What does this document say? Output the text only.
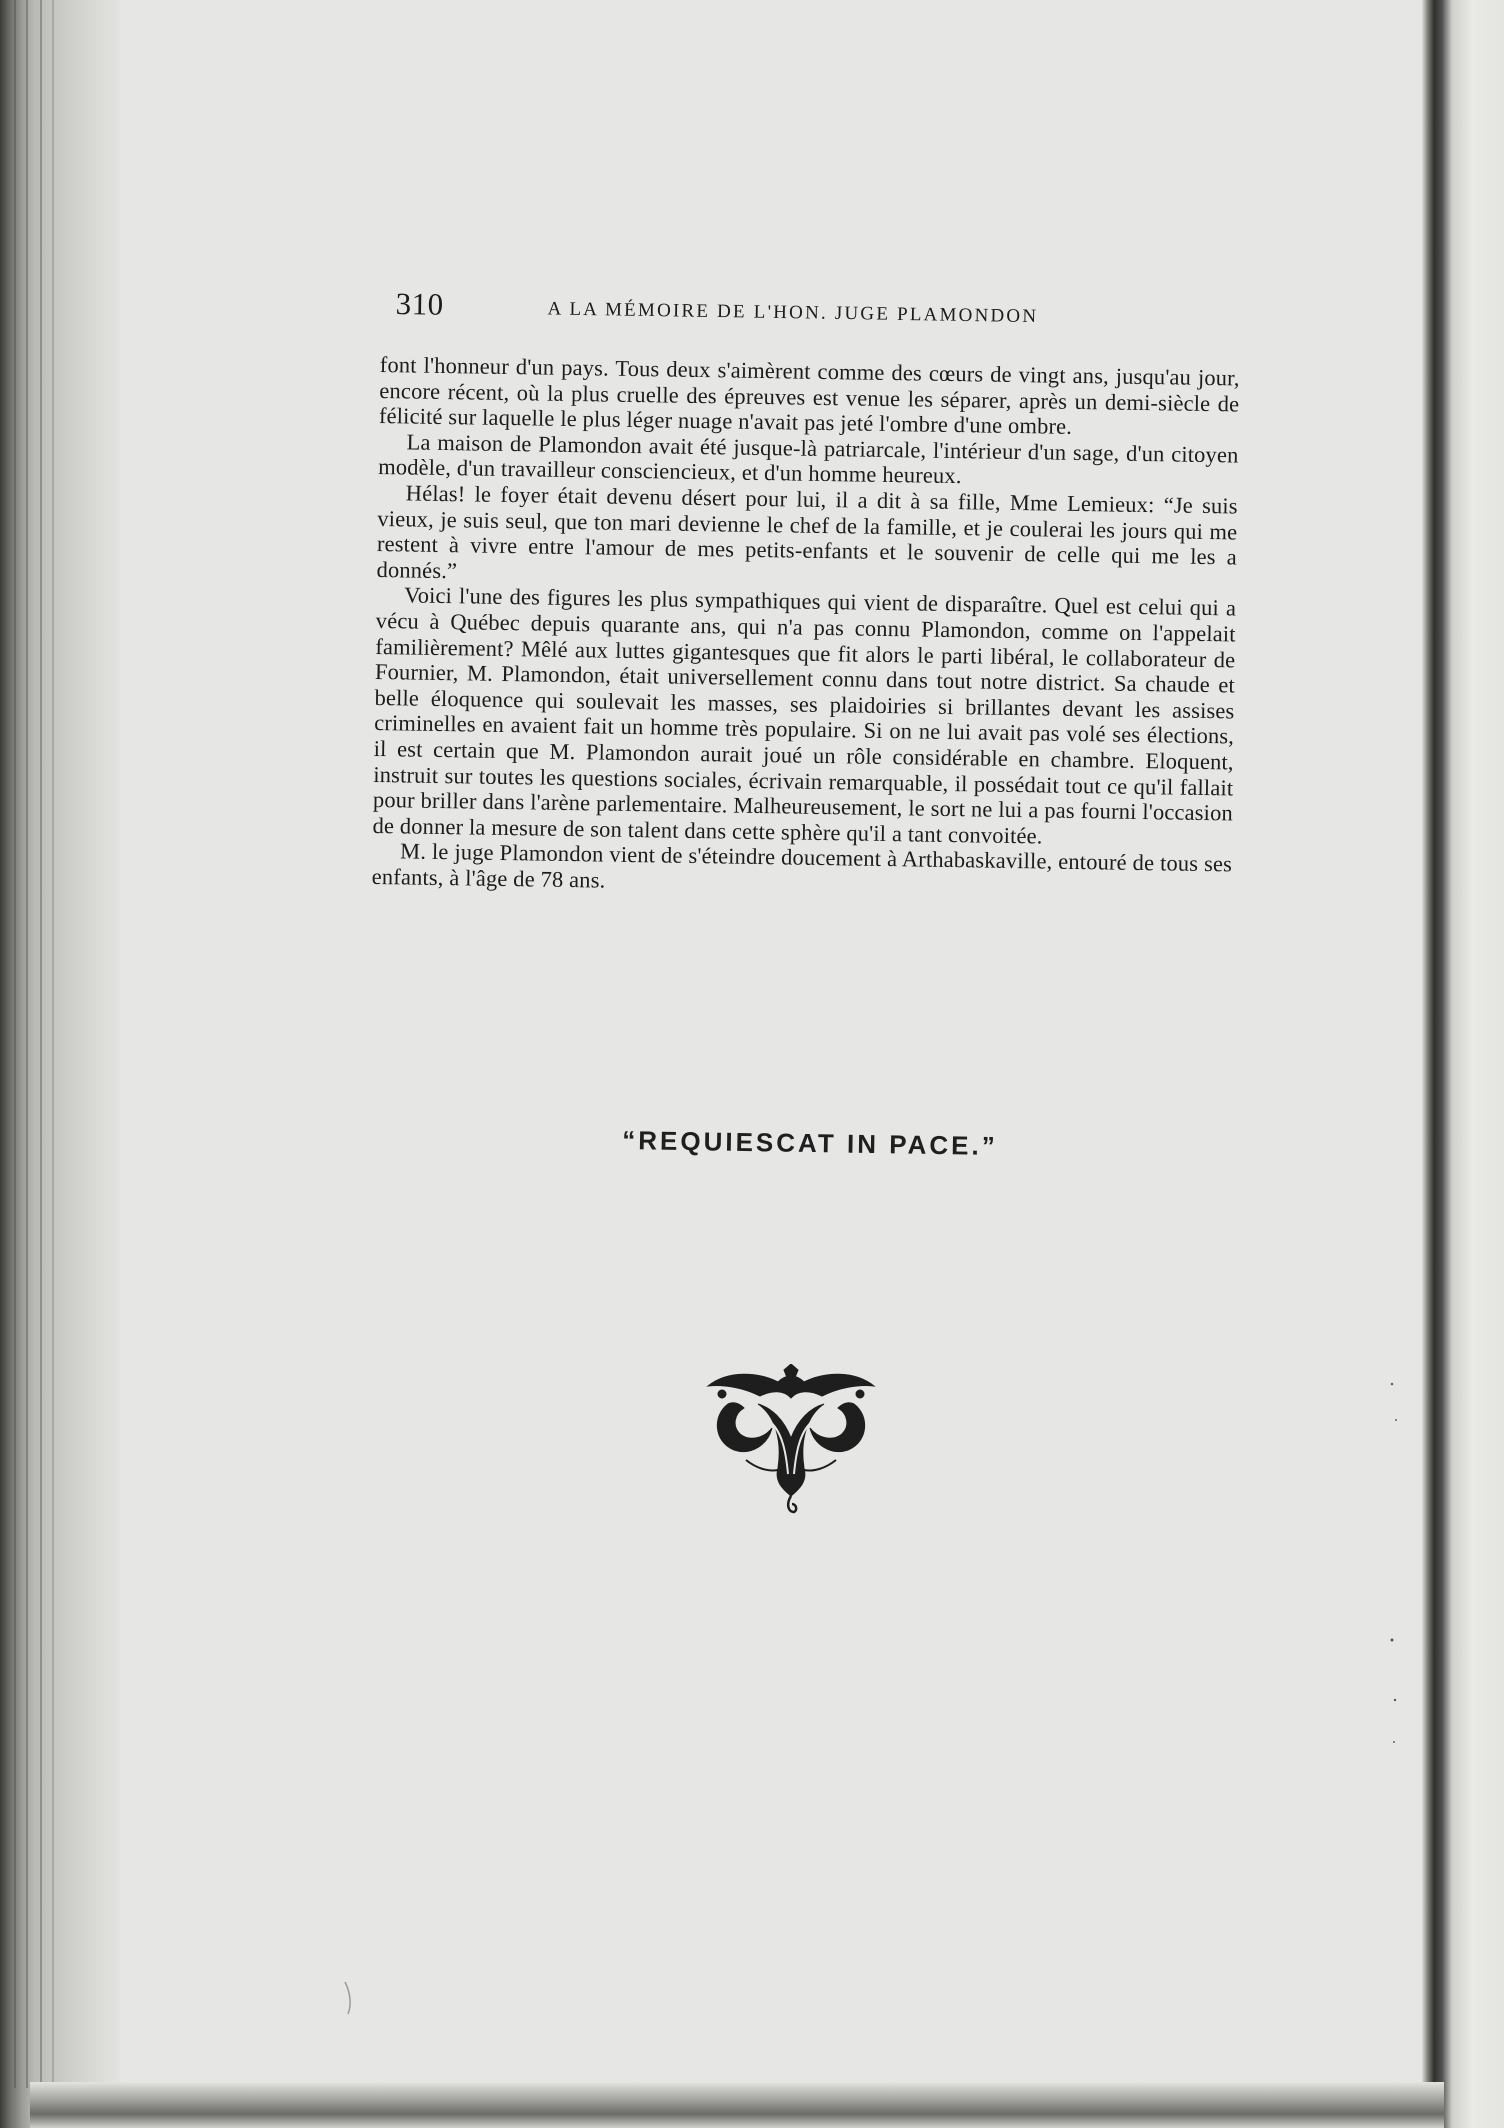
310	A LA MÉMOIRE DE L'HON. JUGE PLAMONDON

font l'honneur d'un pays. Tous deux s'aimèrent comme des cœurs de vingt ans, jusqu'au jour, encore récent, où la plus cruelle des épreuves est venue les séparer, après un demi-siècle de félicité sur laquelle le plus léger nuage n'avait pas jeté l'ombre d'une ombre.

La maison de Plamondon avait été jusque-là patriarcale, l'intérieur d'un sage, d'un citoyen modèle, d'un travailleur consciencieux, et d'un homme heureux.

Hélas! le foyer était devenu désert pour lui, il a dit à sa fille, Mme Lemieux: “Je suis vieux, je suis seul, que ton mari devienne le chef de la famille, et je coulerai les jours qui me restent à vivre entre l'amour de mes petits-enfants et le souvenir de celle qui me les a donnés.”

Voici l'une des figures les plus sympathiques qui vient de disparaître. Quel est celui qui a vécu à Québec depuis quarante ans, qui n'a pas connu Plamondon, comme on l'appelait familièrement? Mêlé aux luttes gigantesques que fit alors le parti libéral, le collaborateur de Fournier, M. Plamondon, était universellement connu dans tout notre district. Sa chaude et belle éloquence qui soulevait les masses, ses plaidoiries si brillantes devant les assises criminelles en avaient fait un homme très populaire. Si on ne lui avait pas volé ses élections, il est certain que M. Plamondon aurait joué un rôle considérable en chambre. Eloquent, instruit sur toutes les questions sociales, écrivain remarquable, il possédait tout ce qu'il fallait pour briller dans l'arène parlementaire. Malheureusement, le sort ne lui a pas fourni l'occasion de donner la mesure de son talent dans cette sphère qu'il a tant convoitée.

M. le juge Plamondon vient de s'éteindre doucement à Arthabaskaville, entouré de tous ses enfants, à l'âge de 78 ans.

“REQUIESCAT IN PACE.”
